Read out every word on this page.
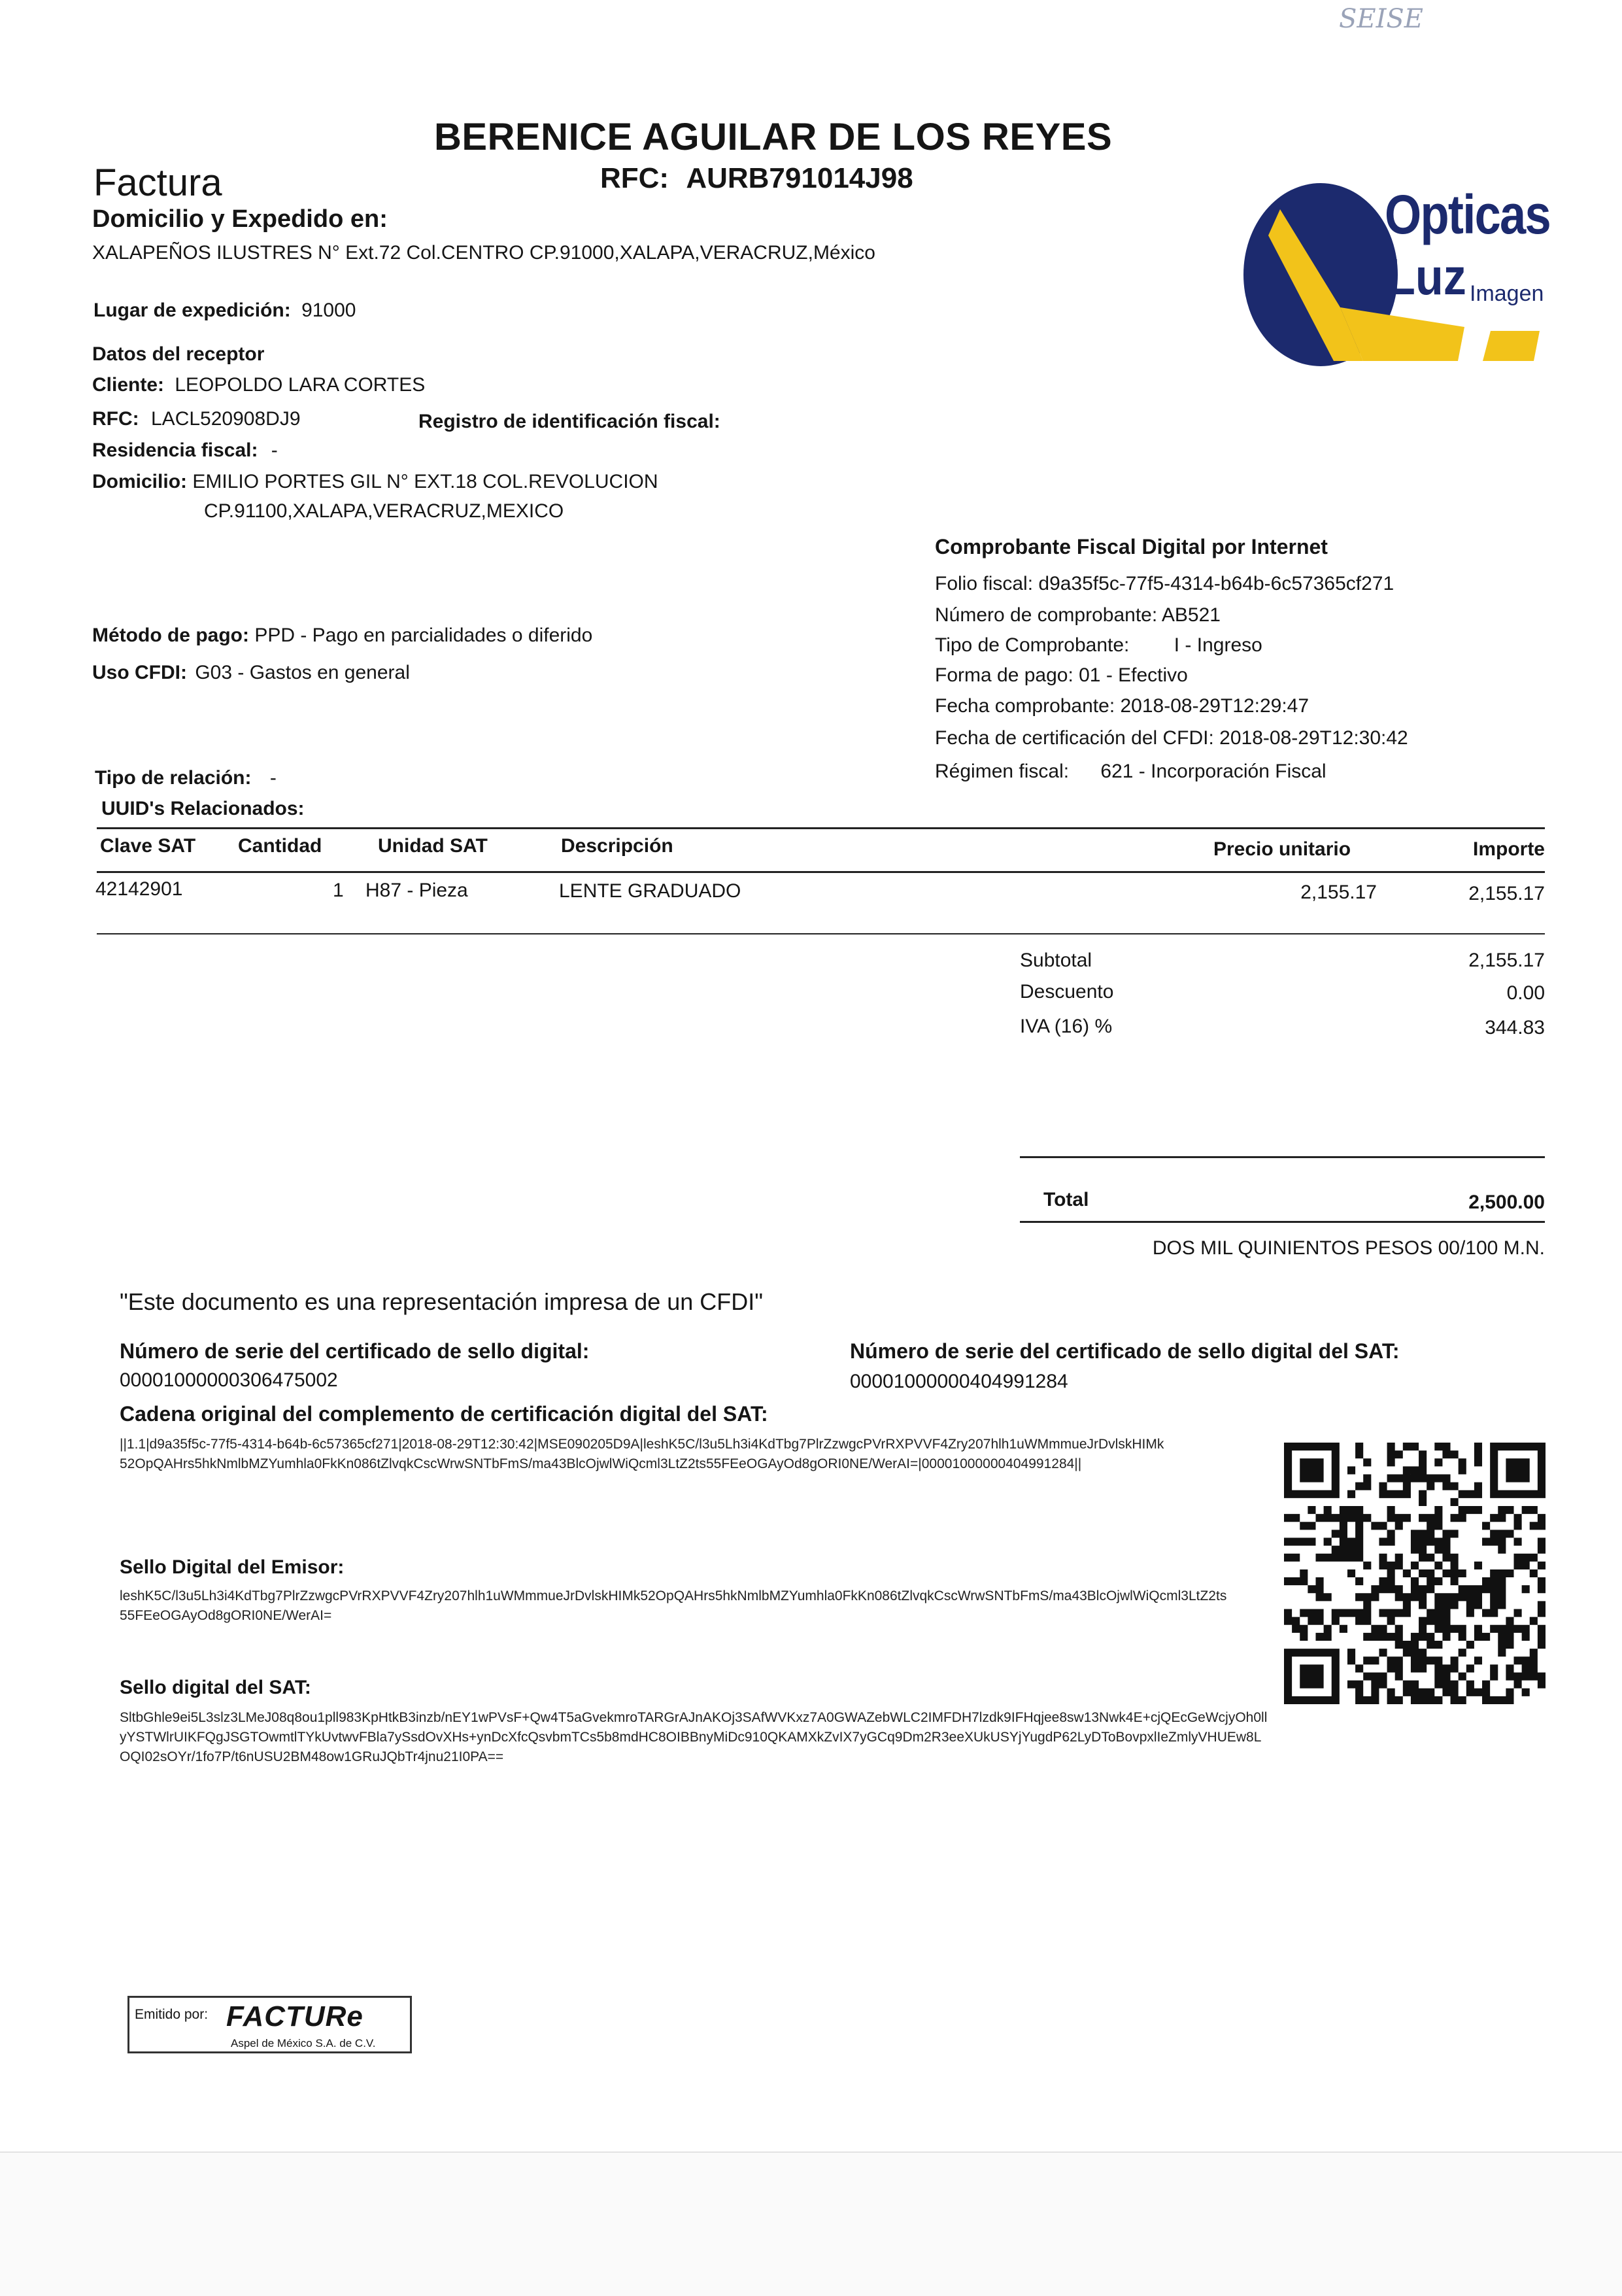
SEISE
BERENICE AGUILAR DE LOS REYES
RFC: AURB791014J98
Factura
Domicilio y Expedido en:
XALAPEÑOS ILUSTRES N° Ext.72 Col.CENTRO CP.91000,XALAPA,VERACRUZ,México
Lugar de expedición: 91000
Opticas
Luz Imagen
Datos del receptor
Cliente: LEOPOLDO LARA CORTES
RFC: LACL520908DJ9	Registro de identificación fiscal:
Residencia fiscal: -
Domicilio: EMILIO PORTES GIL N° EXT.18 COL.REVOLUCION
CP.91100,XALAPA,VERACRUZ,MEXICO
Comprobante Fiscal Digital por Internet
Folio fiscal: d9a35f5c-77f5-4314-b64b-6c57365cf271
Número de comprobante: AB521
Tipo de Comprobante: I - Ingreso
Forma de pago: 01 - Efectivo
Fecha comprobante: 2018-08-29T12:29:47
Fecha de certificación del CFDI: 2018-08-29T12:30:42
Régimen fiscal: 621 - Incorporación Fiscal
Método de pago: PPD - Pago en parcialidades o diferido
Uso CFDI: G03 - Gastos en general
Tipo de relación: -
UUID's Relacionados:
Clave SAT Cantidad	Unidad SAT	Descripción	Precio unitario	Importe
42142901	1 H87 - Pieza	LENTE GRADUADO	2,155.17	2,155.17
Subtotal	2,155.17
Descuento	0.00
IVA (16) %	344.83
Total	2,500.00
DOS MIL QUINIENTOS PESOS 00/100 M.N.
"Este documento es una representación impresa de un CFDI"
Número de serie del certificado de sello digital:
00001000000306475002
Número de serie del certificado de sello digital del SAT:
00001000000404991284
Cadena original del complemento de certificación digital del SAT:
||1.1|d9a35f5c-77f5-4314-b64b-6c57365cf271|2018-08-29T12:30:42|MSE090205D9A|leshK5C/l3u5Lh3i4KdTbg7PlrZzwgcPVrRXPVVF4Zry207hlh1uWMmmueJrDvlskHIMk52OpQAHrs5hkNmlbMZYumhla0FkKn086tZlvqkCscWrwSNTbFmS/ma43BlcOjwlWiQcml3LtZ2ts55FEeOGAyOd8gORI0NE/WerAI=|00001000000404991284||
Sello Digital del Emisor:
leshK5C/l3u5Lh3i4KdTbg7PlrZzwgcPVrRXPVVF4Zry207hlh1uWMmmueJrDvlskHIMk52OpQAHrs5hkNmlbMZYumhla0FkKn086tZlvqkCscWrwSNTbFmS/ma43BlcOjwlWiQcml3LtZ2ts55FEeOGAyOd8gORI0NE/WerAI=
Sello digital del SAT:
SltbGhle9ei5L3slz3LMeJ08q8ou1pll983KpHtkB3inzb/nEY1wPVsF+Qw4T5aGvekmroTARGrAJnAKOj3SAfWVKxz7A0GWAZebWLC2IMFDH7lzdk9IFHqjee8sw13Nwk4E+cjQEcGeWcjyOh0llyYSTWlrUIKFQgJSGTOwmtlTYkUvtwvFBla7ySsdOvXHs+ynDcXfcQsvbmTCs5b8mdHC8OIBBnyMiDc910QKAMXkZvIX7yGCq9Dm2R3eeXUkUSYjYugdP62LyDToBovpxlIeZmlyVHUEw8LOQI02sOYr/1fo7P/t6nUSU2BM48ow1GRuJQbTr4jnu21I0PA==
Emitido por: FACTURe
Aspel de México S.A. de C.V.
